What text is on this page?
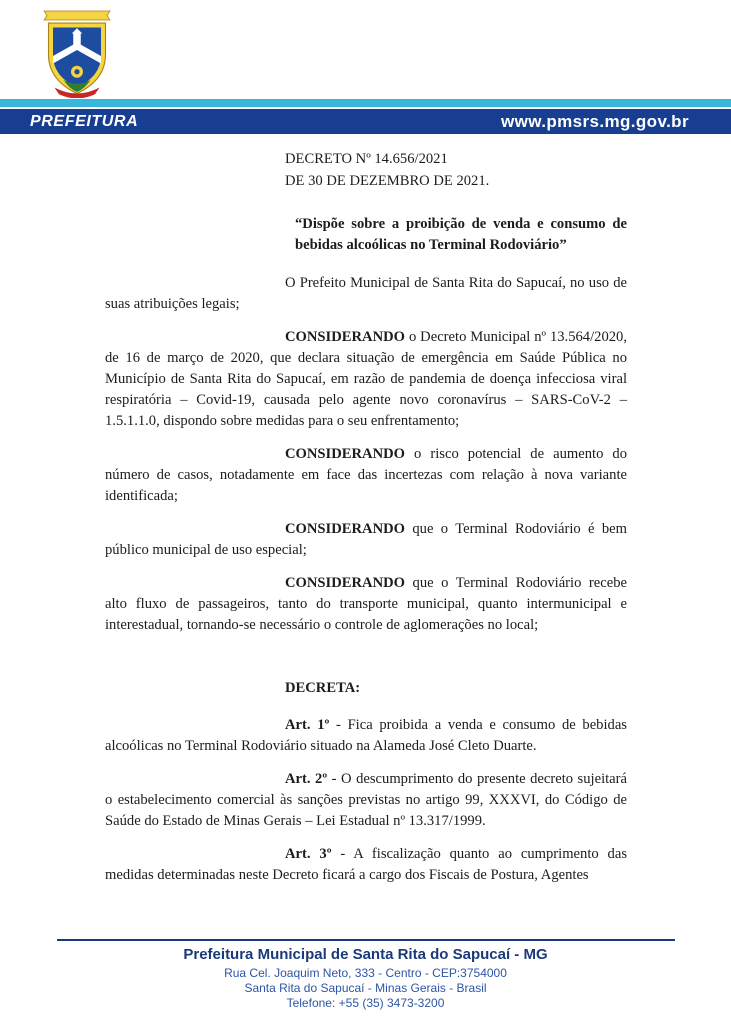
PREFEITURA	www.pmsrs.mg.gov.br
DECRETO Nº 14.656/2021
DE 30 DE DEZEMBRO DE 2021.

“Dispõe sobre a proibição de venda e consumo de bebidas alcoólicas no Terminal Rodoviário”

O Prefeito Municipal de Santa Rita do Sapucaí, no uso de suas atribuições legais;

CONSIDERANDO o Decreto Municipal nº 13.564/2020, de 16 de março de 2020, que declara situação de emergência em Saúde Pública no Município de Santa Rita do Sapucaí, em razão de pandemia de doença infecciosa viral respiratória – Covid-19, causada pelo agente novo coronavírus – SARS-CoV-2 – 1.5.1.1.0, dispondo sobre medidas para o seu enfrentamento;

CONSIDERANDO o risco potencial de aumento do número de casos, notadamente em face das incertezas com relação à nova variante identificada;

CONSIDERANDO que o Terminal Rodoviário é bem público municipal de uso especial;

CONSIDERANDO que o Terminal Rodoviário recebe alto fluxo de passageiros, tanto do transporte municipal, quanto intermunicipal e interestadual, tornando-se necessário o controle de aglomerações no local;

DECRETA:

Art. 1º - Fica proibida a venda e consumo de bebidas alcoólicas no Terminal Rodoviário situado na Alameda José Cleto Duarte.

Art. 2º - O descumprimento do presente decreto sujeitará o estabelecimento comercial às sanções previstas no artigo 99, XXXVI, do Código de Saúde do Estado de Minas Gerais – Lei Estadual nº 13.317/1999.

Art. 3º - A fiscalização quanto ao cumprimento das medidas determinadas neste Decreto ficará a cargo dos Fiscais de Postura, Agentes

Prefeitura Municipal de Santa Rita do Sapucaí - MG
Rua Cel. Joaquim Neto, 333 - Centro - CEP:3754000
Santa Rita do Sapucaí - Minas Gerais - Brasil
Telefone: +55 (35) 3473-3200
